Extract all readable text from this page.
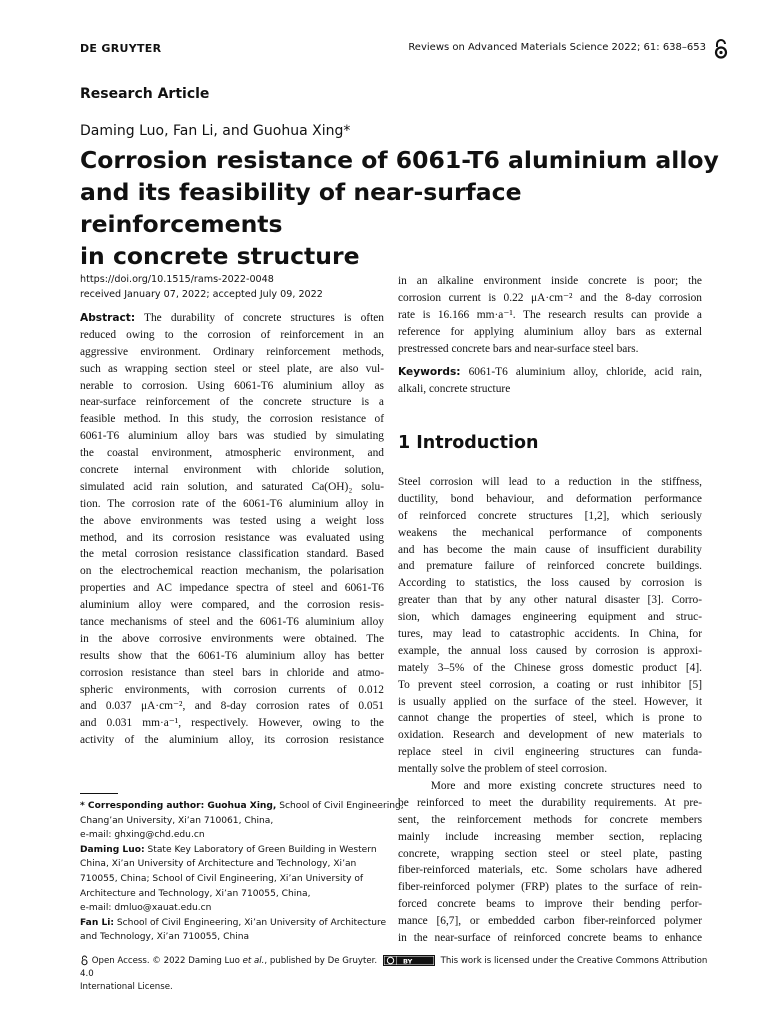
DE GRUYTER	Reviews on Advanced Materials Science 2022; 61: 638–653
Research Article
Daming Luo, Fan Li, and Guohua Xing*
Corrosion resistance of 6061-T6 aluminium alloy
and its feasibility of near-surface reinforcements
in concrete structure
https://doi.org/10.1515/rams-2022-0048
received January 07, 2022; accepted July 09, 2022
Abstract: The durability of concrete structures is often
reduced owing to the corrosion of reinforcement in an
aggressive environment. Ordinary reinforcement methods,
such as wrapping section steel or steel plate, are also vul-
nerable to corrosion. Using 6061-T6 aluminium alloy as
near-surface reinforcement of the concrete structure is a
feasible method. In this study, the corrosion resistance of
6061-T6 aluminium alloy bars was studied by simulating
the coastal environment, atmospheric environment, and
concrete internal environment with chloride solution,
simulated acid rain solution, and saturated Ca(OH)₂ solu-
tion. The corrosion rate of the 6061-T6 aluminium alloy in
the above environments was tested using a weight loss
method, and its corrosion resistance was evaluated using
the metal corrosion resistance classification standard. Based
on the electrochemical reaction mechanism, the polarisation
properties and AC impedance spectra of steel and 6061-T6
aluminium alloy were compared, and the corrosion resis-
tance mechanisms of steel and the 6061-T6 aluminium alloy
in the above corrosive environments were obtained. The
results show that the 6061-T6 aluminium alloy has better
corrosion resistance than steel bars in chloride and atmo-
spheric environments, with corrosion currents of 0.012
and 0.037 μA·cm⁻², and 8-day corrosion rates of 0.051
and 0.031 mm·a⁻¹, respectively. However, owing to the
activity of the aluminium alloy, its corrosion resistance
in an alkaline environment inside concrete is poor; the
corrosion current is 0.22 μA·cm⁻² and the 8-day corrosion
rate is 16.166 mm·a⁻¹. The research results can provide a
reference for applying aluminium alloy bars as external
prestressed concrete bars and near-surface steel bars.
Keywords: 6061-T6 aluminium alloy, chloride, acid rain,
alkali, concrete structure
1 Introduction
Steel corrosion will lead to a reduction in the stiffness,
ductility, bond behaviour, and deformation performance
of reinforced concrete structures [1,2], which seriously
weakens the mechanical performance of components
and has become the main cause of insufficient durability
and premature failure of reinforced concrete buildings.
According to statistics, the loss caused by corrosion is
greater than that by any other natural disaster [3]. Corro-
sion, which damages engineering equipment and struc-
tures, may lead to catastrophic accidents. In China, for
example, the annual loss caused by corrosion is approxi-
mately 3–5% of the Chinese gross domestic product [4].
To prevent steel corrosion, a coating or rust inhibitor [5]
is usually applied on the surface of the steel. However, it
cannot change the properties of steel, which is prone to
oxidation. Research and development of new materials to
replace steel in civil engineering structures can funda-
mentally solve the problem of steel corrosion.
More and more existing concrete structures need to
be reinforced to meet the durability requirements. At pre-
sent, the reinforcement methods for concrete members
mainly include increasing member section, replacing
concrete, wrapping section steel or steel plate, pasting
fiber-reinforced materials, etc. Some scholars have adhered
fiber-reinforced polymer (FRP) plates to the surface of rein-
forced concrete beams to improve their bending perfor-
mance [6,7], or embedded carbon fiber-reinforced polymer
in the near-surface of reinforced concrete beams to enhance
* Corresponding author: Guohua Xing, School of Civil Engineering,
Chang’an University, Xi’an 710061, China,
e-mail: ghxing@chd.edu.cn
Daming Luo: State Key Laboratory of Green Building in Western
China, Xi’an University of Architecture and Technology, Xi’an
710055, China; School of Civil Engineering, Xi’an University of
Architecture and Technology, Xi’an 710055, China,
e-mail: dmluo@xauat.edu.cn
Fan Li: School of Civil Engineering, Xi’an University of Architecture
and Technology, Xi’an 710055, China
Open Access. © 2022 Daming Luo et al., published by De Gruyter.	BY	This work is licensed under the Creative Commons Attribution 4.0
International License.
